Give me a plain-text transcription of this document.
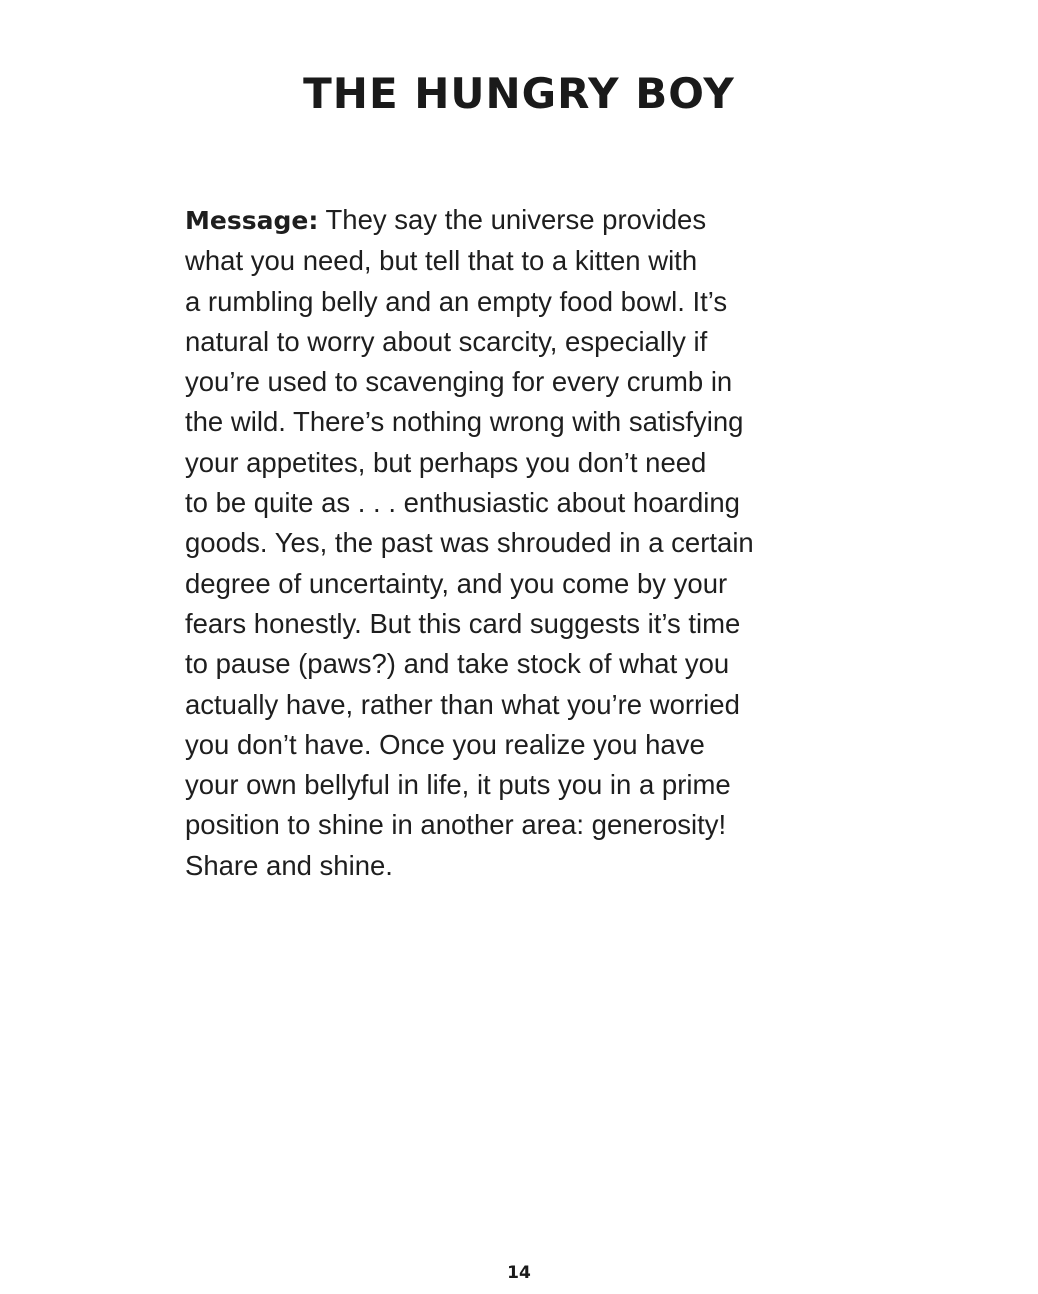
THE HUNGRY BOY

Message: They say the universe provides
what you need, but tell that to a kitten with
a rumbling belly and an empty food bowl. It’s
natural to worry about scarcity, especially if
you’re used to scavenging for every crumb in
the wild. There’s nothing wrong with satisfying
your appetites, but perhaps you don’t need
to be quite as . . . enthusiastic about hoarding
goods. Yes, the past was shrouded in a certain
degree of uncertainty, and you come by your
fears honestly. But this card suggests it’s time
to pause (paws?) and take stock of what you
actually have, rather than what you’re worried
you don’t have. Once you realize you have
your own bellyful in life, it puts you in a prime
position to shine in another area: generosity!
Share and shine.

14
